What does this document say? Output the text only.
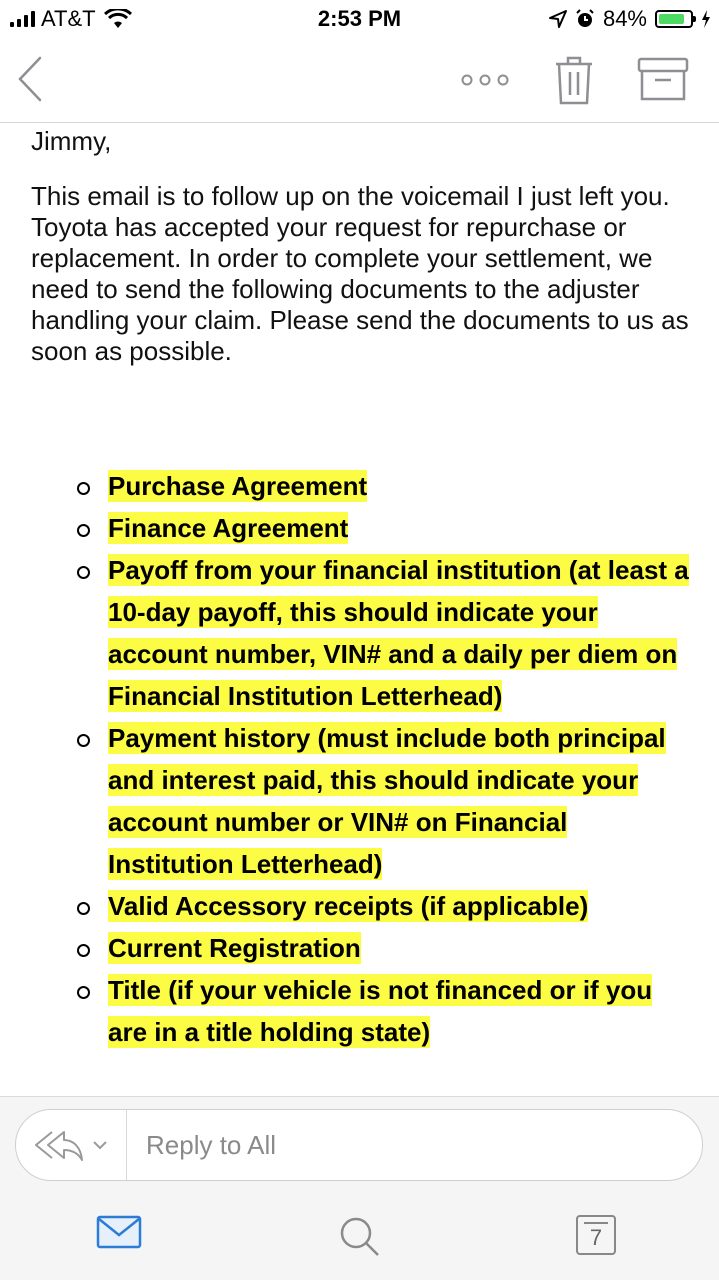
AT&T	2:53 PM	84%

Jimmy,

This email is to follow up on the voicemail I just left you. Toyota has accepted your request for repurchase or replacement. In order to complete your settlement, we need to send the following documents to the adjuster handling your claim. Please send the documents to us as soon as possible.

Purchase Agreement
Finance Agreement
Payoff from your financial institution (at least a 10-day payoff, this should indicate your account number, VIN# and a daily per diem on Financial Institution Letterhead)
Payment history (must include both principal and interest paid, this should indicate your account number or VIN# on Financial Institution Letterhead)
Valid Accessory receipts (if applicable)
Current Registration
Title (if your vehicle is not financed or if you are in a title holding state)
Reply to All
7
